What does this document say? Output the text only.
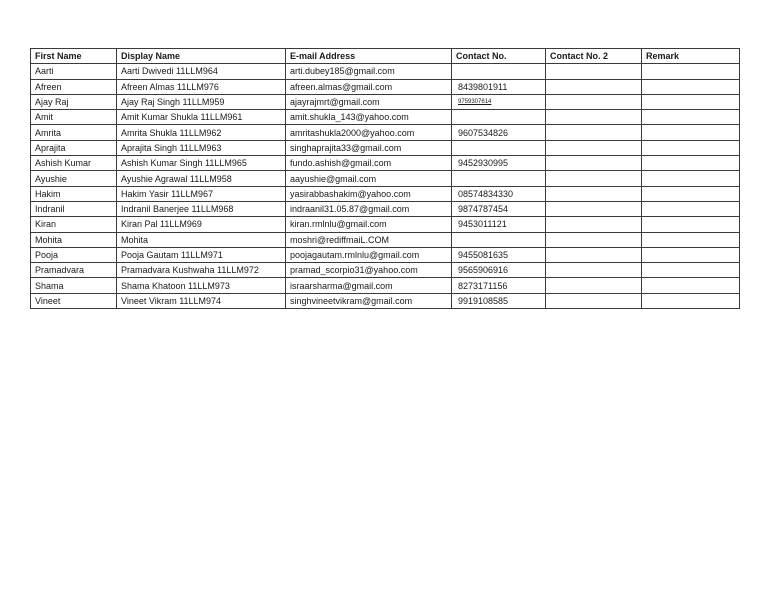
First Name	Display Name	E-mail Address	Contact No.	Contact No. 2	Remark
Aarti	Aarti Dwivedi 11LLM964	arti.dubey185@gmail.com			
Afreen	Afreen Almas 11LLM976	afreen.almas@gmail.com	8439801911		
Ajay Raj	Ajay Raj Singh 11LLM959	ajayrajmrt@gmail.com	9759307614		
Amit	Amit Kumar Shukla 11LLM961	amit.shukla_143@yahoo.com			
Amrita	Amrita Shukla 11LLM962	amritashukla2000@yahoo.com	9607534826		
Aprajita	Aprajita Singh 11LLM963	singhaprajita33@gmail.com			
Ashish Kumar	Ashish Kumar Singh 11LLM965	fundo.ashish@gmail.com	9452930995		
Ayushie	Ayushie Agrawal 11LLM958	aayushie@gmail.com			
Hakim	Hakim Yasir 11LLM967	yasirabbashakim@yahoo.com	08574834330		
Indranil	Indranil Banerjee 11LLM968	indraanil31.05.87@gmail.com	9874787454		
Kiran	Kiran Pal 11LLM969	kiran.rmlnlu@gmail.com	9453011121		
Mohita	Mohita	moshri@rediffmaiL.COM			
Pooja	Pooja Gautam 11LLM971	poojagautam.rmlnlu@gmail.com	9455081635		
Pramadvara	Pramadvara Kushwaha 11LLM972	pramad_scorpio31@yahoo.com	9565906916		
Shama	Shama Khatoon 11LLM973	israarsharma@gmail.com	8273171156		
Vineet	Vineet Vikram 11LLM974	singhvineetvikram@gmail.com	9919108585		
